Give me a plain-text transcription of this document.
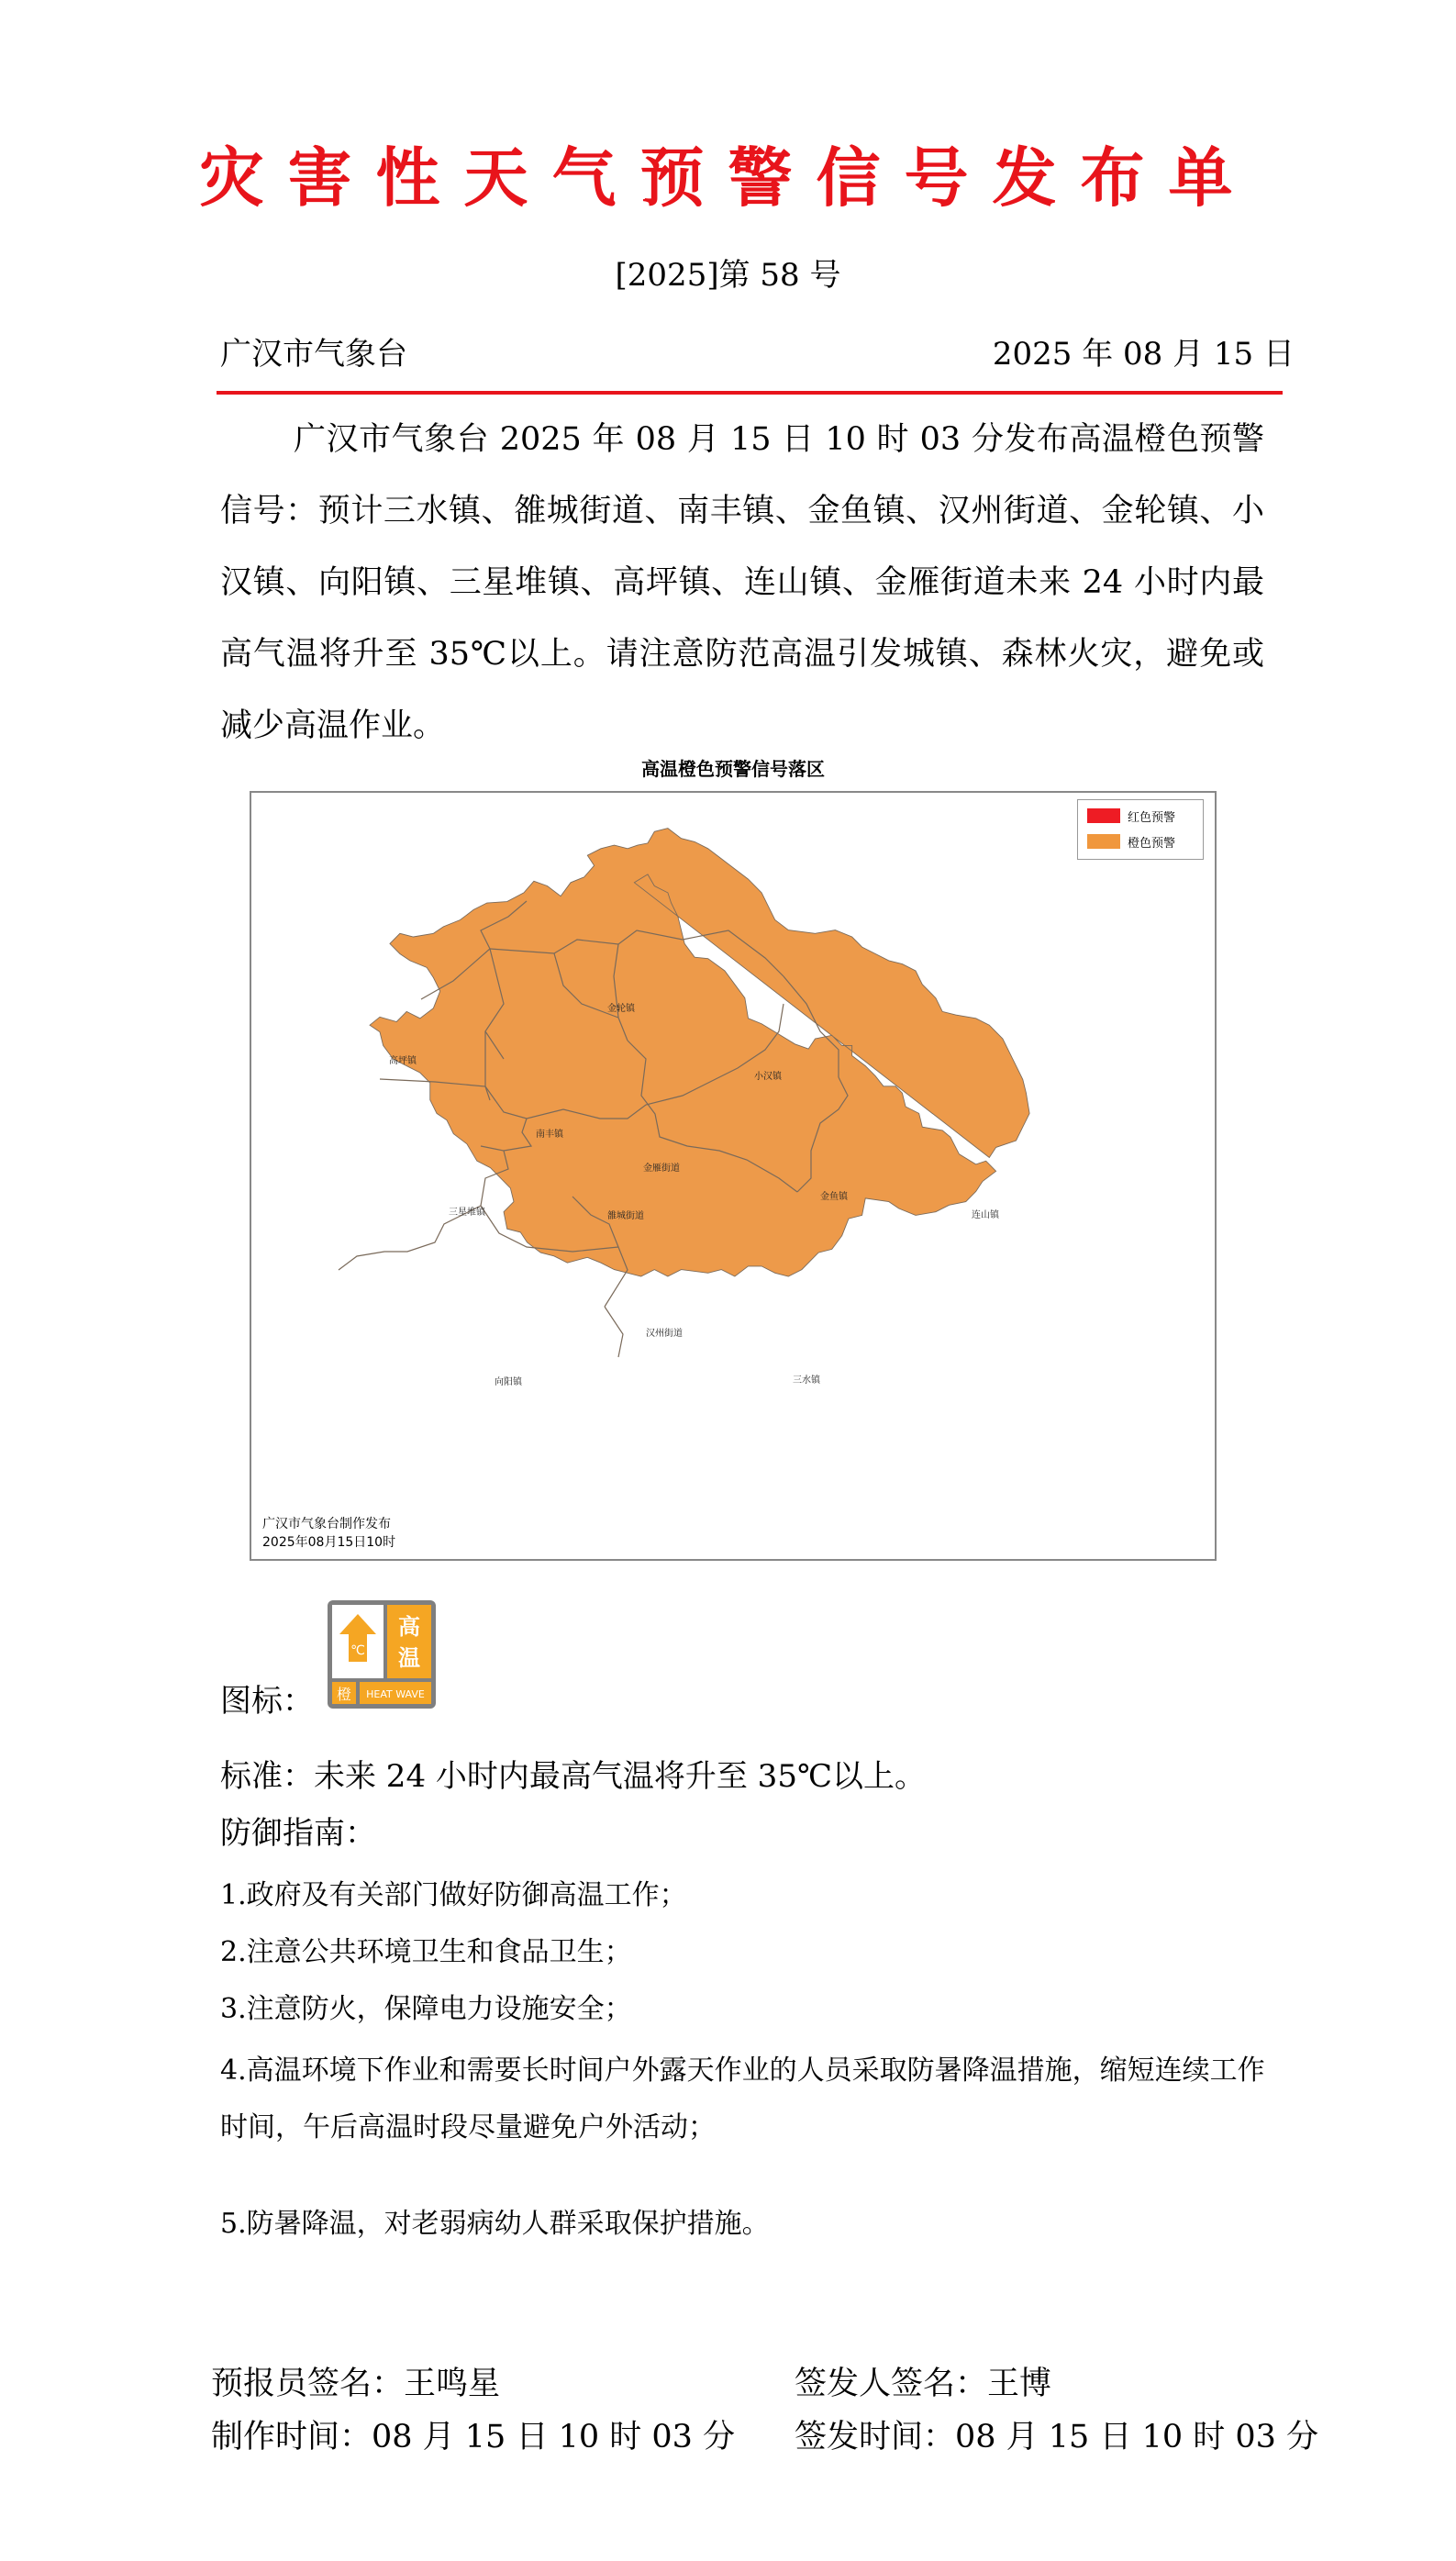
灾害性天气预警信号发布单
[2025]第 58 号
广汉市气象台	2025 年 08 月 15 日
广汉市气象台 2025 年 08 月 15 日 10 时 03 分发布高温橙色预警信号：预计三水镇、雒城街道、南丰镇、金鱼镇、汉州街道、金轮镇、小汉镇、向阳镇、三星堆镇、高坪镇、连山镇、金雁街道未来 24 小时内最高气温将升至 35℃以上。请注意防范高温引发城镇、森林火灾，避免或减少高温作业。
高温橙色预警信号落区
金轮镇
高坪镇
小汉镇
南丰镇
金雁街道
雒城街道
三星堆镇
金鱼镇
连山镇
汉州街道
向阳镇	三水镇
红色预警
橙色预警
广汉市气象台制作发布
2025年08月15日10时
图标：
℃
高
温
橙 HEAT WAVE
标准：未来 24 小时内最高气温将升至 35℃以上。
防御指南：
1.政府及有关部门做好防御高温工作；
2.注意公共环境卫生和食品卫生；
3.注意防火，保障电力设施安全；
4.高温环境下作业和需要长时间户外露天作业的人员采取防暑降温措施，缩短连续工作时间，午后高温时段尽量避免户外活动；
5.防暑降温，对老弱病幼人群采取保护措施。
预报员签名：王鸣星	签发人签名：王博
制作时间：08 月 15 日 10 时 03 分 签发时间：08 月 15 日 10 时 03 分
